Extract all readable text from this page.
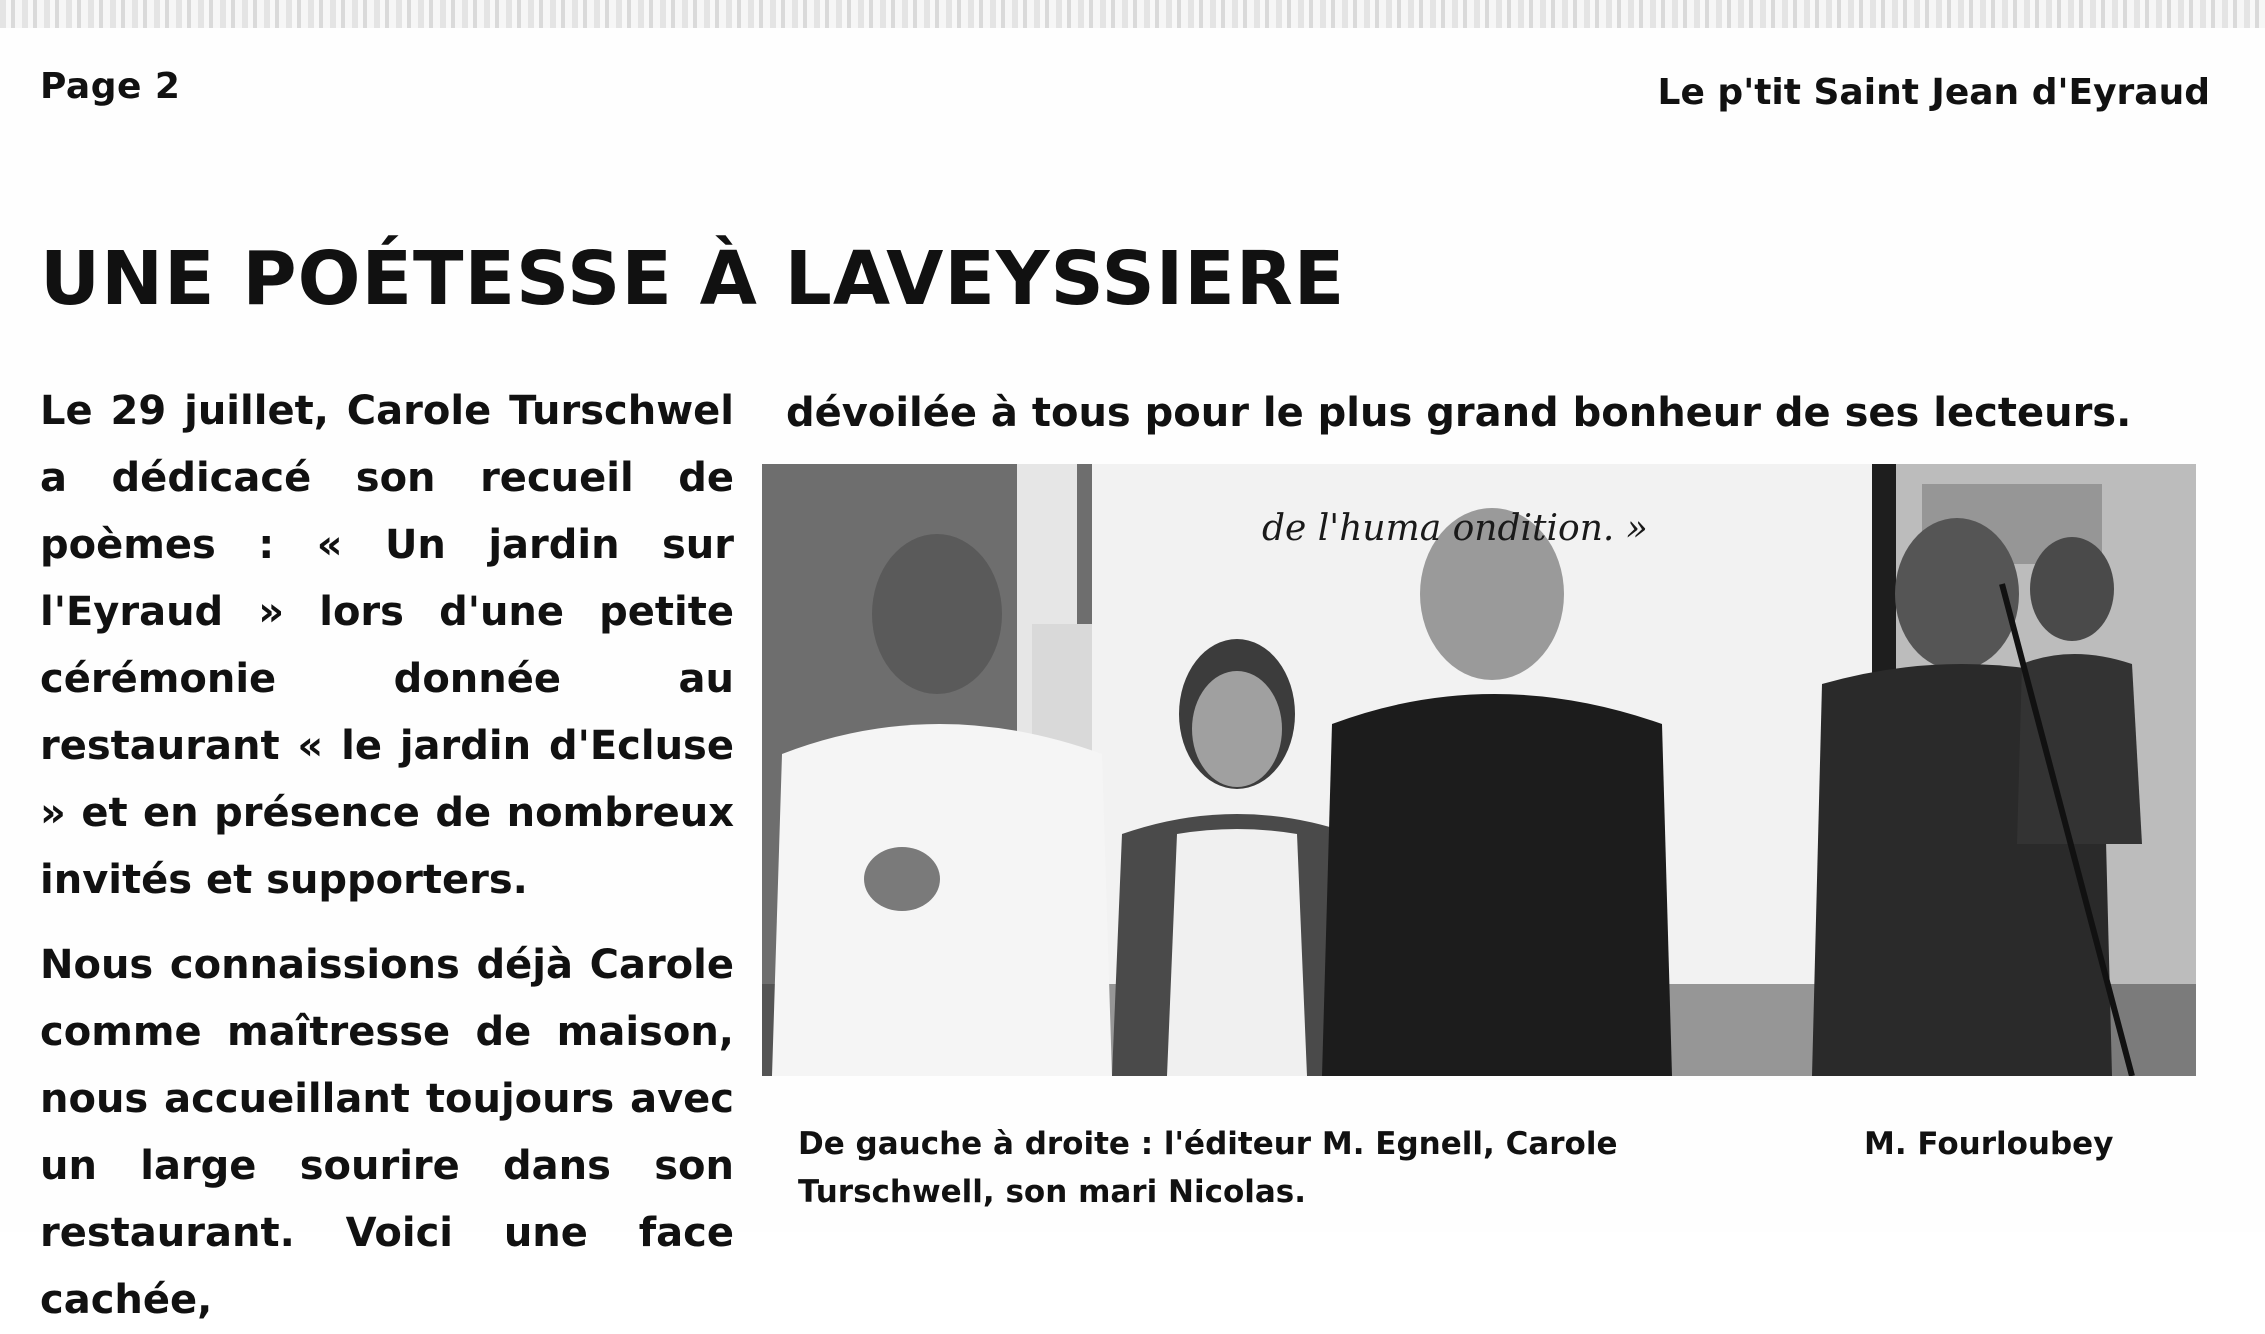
Page 2	Le p'tit Saint Jean d'Eyraud
UNE POÉTESSE À LAVEYSSIERE

Le 29 juillet, Carole Turschwel a dédicacé son recueil de poèmes : « Un jardin sur l'Eyraud » lors d'une petite cérémonie donnée au restaurant « le jardin d'Ecluse » et en présence de nombreux invités et supporters.

Nous connaissions déjà Carole comme maîtresse de maison, nous accueillant toujours avec un large sourire dans son restaurant. Voici une face cachée,

dévoilée à tous pour le plus grand bonheur de ses lecteurs.
de l'huma ondition. »
De gauche à droite : l'éditeur M. Egnell, Carole Turschwell, son mari Nicolas.
M. Fourloubey
